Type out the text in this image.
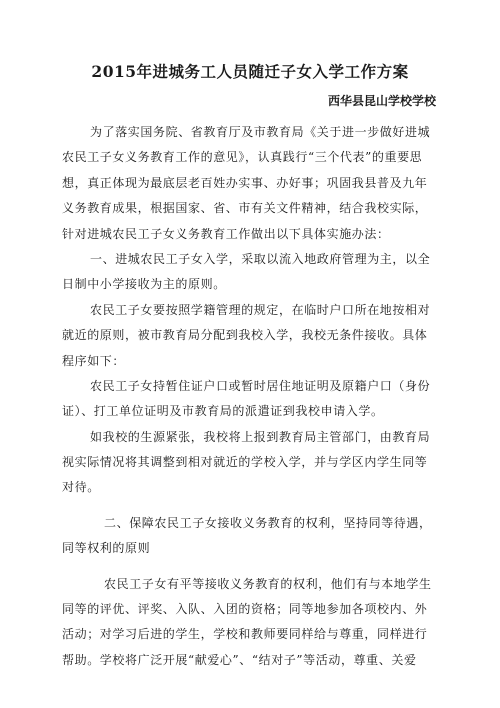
2015年进城务工人员随迁子女入学工作方案
西华县昆山学校学校
为了落实国务院、省教育厅及市教育局《关于进一步做好进城
农民工子女义务教育工作的意见》，认真践行“三个代表”的重要思
想，真正体现为最底层老百姓办实事、办好事；巩固我县普及九年
义务教育成果，根据国家、省、市有关文件精神，结合我校实际，
针对进城农民工子女义务教育工作做出以下具体实施办法：
一、进城农民工子女入学，采取以流入地政府管理为主，以全
日制中小学接收为主的原则。
农民工子女要按照学籍管理的规定，在临时户口所在地按相对
就近的原则，被市教育局分配到我校入学，我校无条件接收。具体
程序如下：
农民工子女持暂住证户口或暂时居住地证明及原籍户口（身份
证）、打工单位证明及市教育局的派遣证到我校申请入学。
如我校的生源紧张，我校将上报到教育局主管部门，由教育局
视实际情况将其调整到相对就近的学校入学，并与学区内学生同等
对待。
二、保障农民工子女接收义务教育的权利，坚持同等待遇，
同等权利的原则
农民工子女有平等接收义务教育的权利，他们有与本地学生
同等的评优、评奖、入队、入团的资格；同等地参加各项校内、外
活动；对学习后进的学生，学校和教师要同样给与尊重，同样进行
帮助。学校将广泛开展“献爱心”、“结对子”等活动，尊重、关爱
